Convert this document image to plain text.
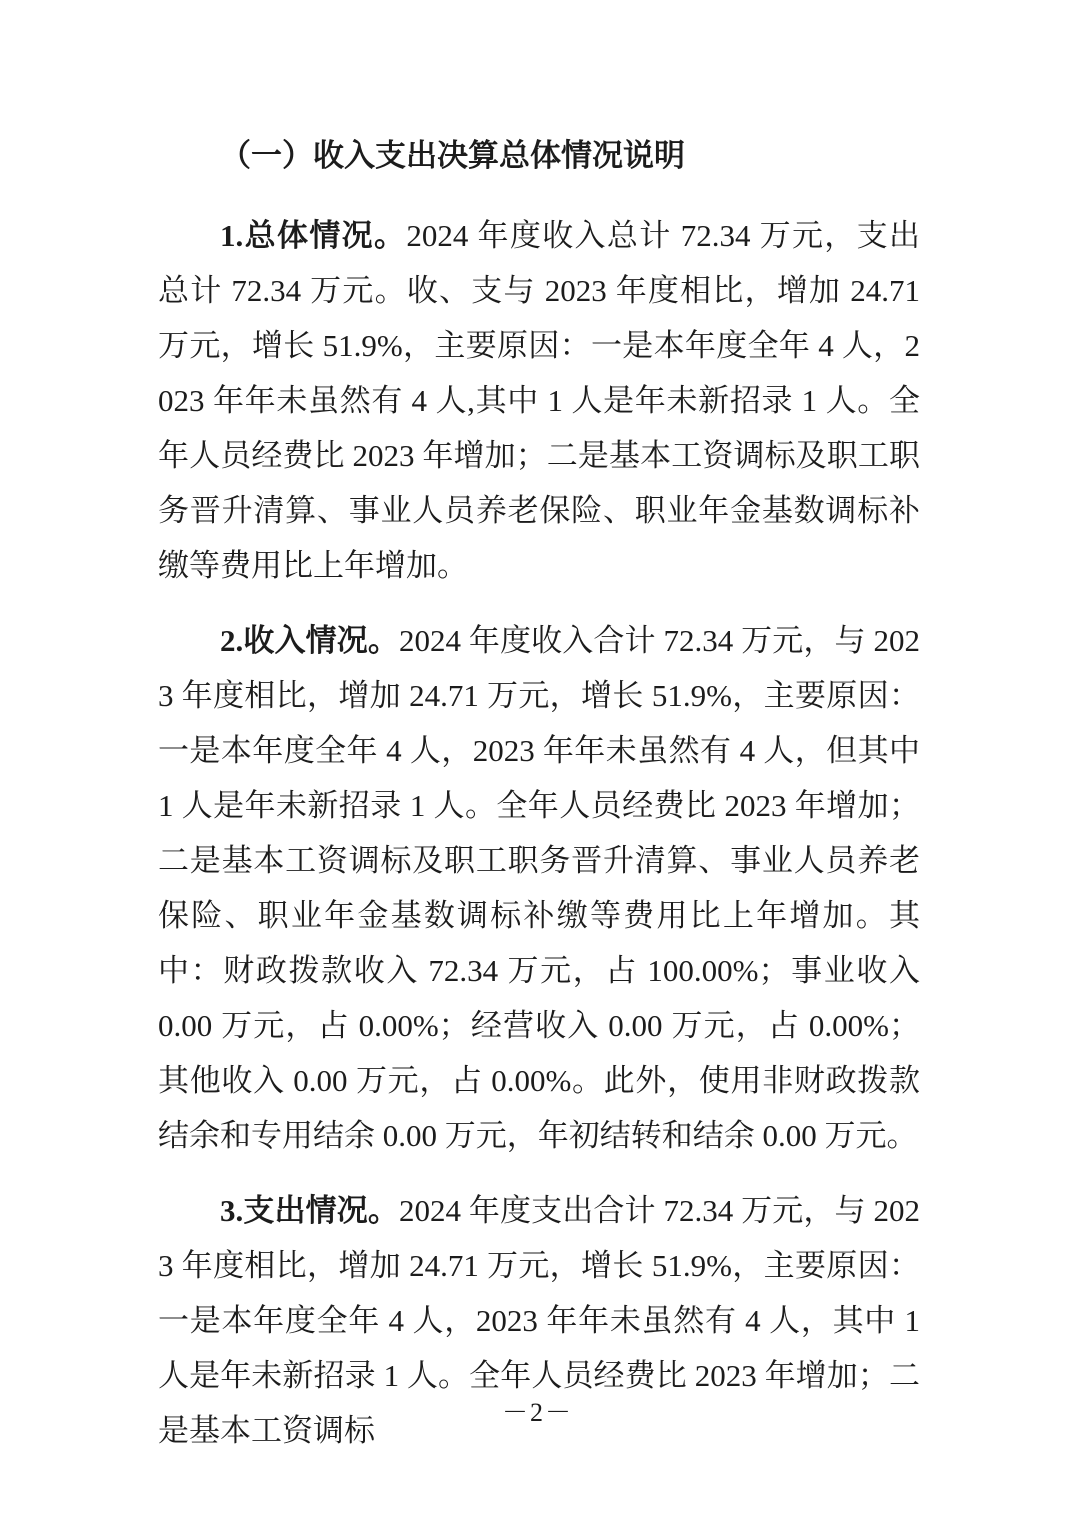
（一）收入支出决算总体情况说明

1.总体情况。2024 年度收入总计 72.34 万元，支出总计 72.34 万元。收、支与 2023 年度相比，增加 24.71 万元，增长 51.9%，主要原因：一是本年度全年 4 人，2023 年年未虽然有 4 人,其中 1 人是年未新招录 1 人。全年人员经费比 2023 年增加；二是基本工资调标及职工职务晋升清算、事业人员养老保险、职业年金基数调标补缴等费用比上年增加。

2.收入情况。2024 年度收入合计 72.34 万元，与 2023 年度相比，增加 24.71 万元，增长 51.9%，主要原因：一是本年度全年 4 人，2023 年年未虽然有 4 人，但其中 1 人是年未新招录 1 人。全年人员经费比 2023 年增加；二是基本工资调标及职工职务晋升清算、事业人员养老保险、职业年金基数调标补缴等费用比上年增加。其中：财政拨款收入 72.34 万元，占 100.00%；事业收入 0.00 万元，占 0.00%；经营收入 0.00 万元，占 0.00%；其他收入 0.00 万元，占 0.00%。此外，使用非财政拨款结余和专用结余 0.00 万元，年初结转和结余 0.00 万元。

3.支出情况。2024 年度支出合计 72.34 万元，与 2023 年度相比，增加 24.71 万元，增长 51.9%，主要原因：一是本年度全年 4 人，2023 年年未虽然有 4 人，其中 1 人是年未新招录 1 人。全年人员经费比 2023 年增加；二是基本工资调标

－2－
